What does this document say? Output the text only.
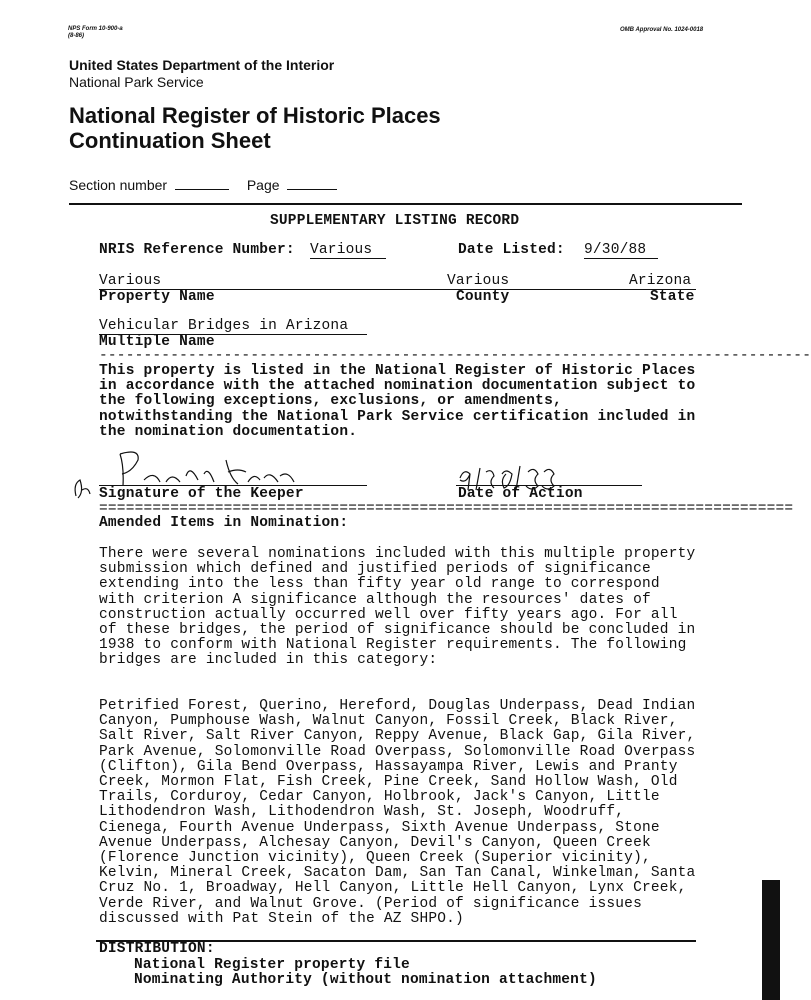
NPS Form 10-900-a
(8-86)
OMB Approval No. 1024-0018
United States Department of the Interior
National Park Service
National Register of Historic Places
Continuation Sheet
Section number	Page
SUPPLEMENTARY LISTING RECORD
NRIS Reference Number: Various	Date Listed: 9/30/88
Various	Various	Arizona
Property Name	County	State
Vehicular Bridges in Arizona
Multiple Name
--------------------------------------------------------------------------------
This property is listed in the National Register of Historic Places in accordance with the attached nomination documentation subject to the following exceptions, exclusions, or amendments, notwithstanding the National Park Service certification included in the nomination documentation.
Signature of the Keeper	Date of Action
==============================================================================
Amended Items in Nomination:
There were several nominations included with this multiple property submission which defined and justified periods of significance extending into the less than fifty year old range to correspond with criterion A significance although the resources' dates of construction actually occurred well over fifty years ago. For all of these bridges, the period of significance should be concluded in 1938 to conform with National Register requirements. The following bridges are included in this category:
Petrified Forest, Querino, Hereford, Douglas Underpass, Dead Indian Canyon, Pumphouse Wash, Walnut Canyon, Fossil Creek, Black River, Salt River, Salt River Canyon, Reppy Avenue, Black Gap, Gila River, Park Avenue, Solomonville Road Overpass, Solomonville Road Overpass (Clifton), Gila Bend Overpass, Hassayampa River, Lewis and Pranty Creek, Mormon Flat, Fish Creek, Pine Creek, Sand Hollow Wash, Old Trails, Corduroy, Cedar Canyon, Holbrook, Jack's Canyon, Little Lithodendron Wash, Lithodendron Wash, St. Joseph, Woodruff, Cienega, Fourth Avenue Underpass, Sixth Avenue Underpass, Stone Avenue Underpass, Alchesay Canyon, Devil's Canyon, Queen Creek (Florence Junction vicinity), Queen Creek (Superior vicinity), Kelvin, Mineral Creek, Sacaton Dam, San Tan Canal, Winkelman, Santa Cruz No. 1, Broadway, Hell Canyon, Little Hell Canyon, Lynx Creek, Verde River, and Walnut Grove. (Period of significance issues discussed with Pat Stein of the AZ SHPO.)
DISTRIBUTION:
National Register property file
Nominating Authority (without nomination attachment)
